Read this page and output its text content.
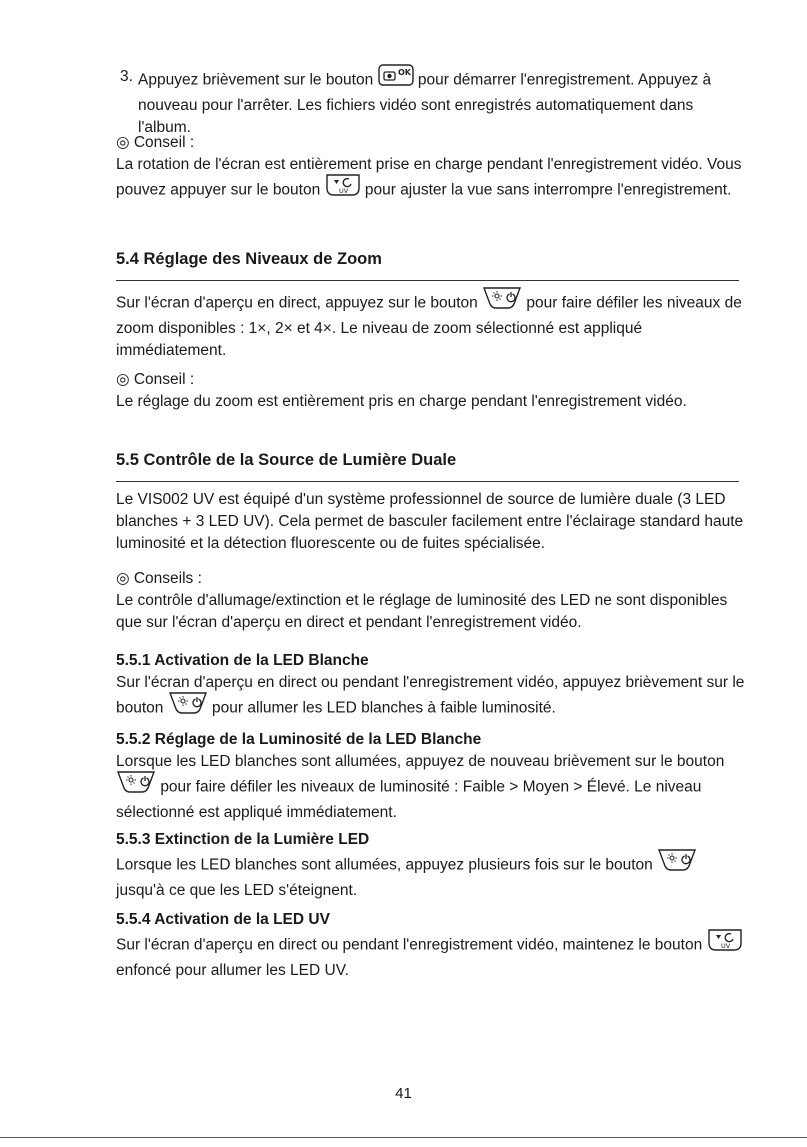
3. Appuyez brièvement sur le bouton	OK pour démarrer l'enregistrement. Appuyez à nouveau pour l'arrêter. Les fichiers vidéo sont enregistrés automatiquement dans l'album.
◎ Conseil :
La rotation de l'écran est entièrement prise en charge pendant l'enregistrement vidéo. Vous pouvez appuyer sur le bouton	UV pour ajuster la vue sans interrompre l'enregistrement.
5.4 Réglage des Niveaux de Zoom
Sur l'écran d'aperçu en direct, appuyez sur le bouton	pour faire défiler les niveaux de zoom disponibles : 1×, 2× et 4×. Le niveau de zoom sélectionné est appliqué immédiatement.
◎ Conseil :
Le réglage du zoom est entièrement pris en charge pendant l'enregistrement vidéo.
5.5 Contrôle de la Source de Lumière Duale
Le VIS002 UV est équipé d'un système professionnel de source de lumière duale (3 LED blanches + 3 LED UV). Cela permet de basculer facilement entre l'éclairage standard haute luminosité et la détection fluorescente ou de fuites spécialisée.
◎ Conseils :
Le contrôle d'allumage/extinction et le réglage de luminosité des LED ne sont disponibles que sur l'écran d'aperçu en direct et pendant l'enregistrement vidéo.
5.5.1 Activation de la LED Blanche
Sur l'écran d'aperçu en direct ou pendant l'enregistrement vidéo, appuyez brièvement sur le bouton	pour allumer les LED blanches à faible luminosité.
5.5.2 Réglage de la Luminosité de la LED Blanche
Lorsque les LED blanches sont allumées, appuyez de nouveau brièvement sur le bouton  pour faire défiler les niveaux de luminosité : Faible > Moyen > Élevé. Le niveau sélectionné est appliqué immédiatement.
5.5.3 Extinction de la Lumière LED
Lorsque les LED blanches sont allumées, appuyez plusieurs fois sur le bouton  jusqu'à ce que les LED s'éteignent.
5.5.4 Activation de la LED UV
Sur l'écran d'aperçu en direct ou pendant l'enregistrement vidéo, maintenez le bouton	UV
enfoncé pour allumer les LED UV.
41
